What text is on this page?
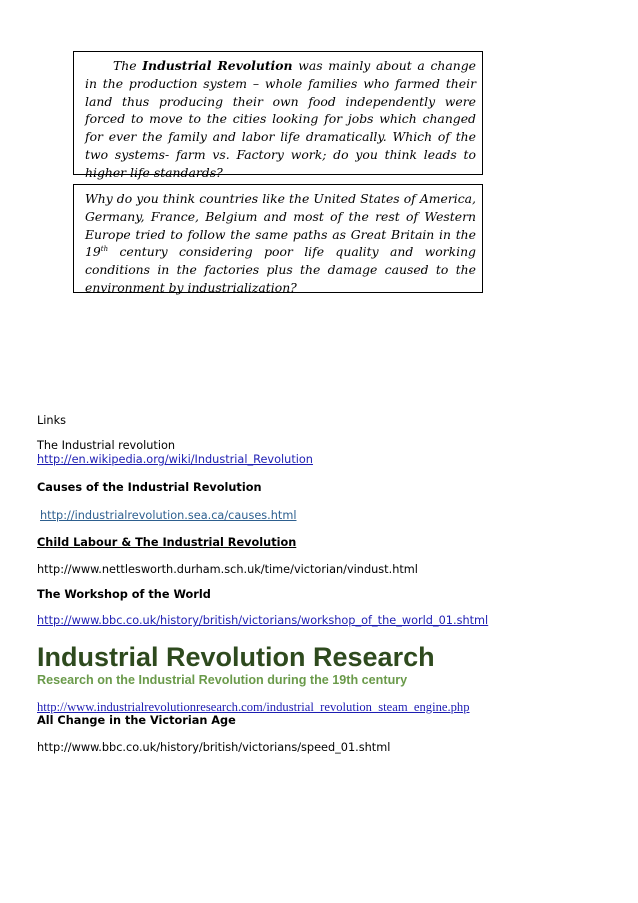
The Industrial Revolution was mainly about a change in the production system – whole families who farmed their land thus producing their own food independently were forced to move to the cities looking for jobs which changed for ever the family and labor life dramatically. Which of the two systems- farm vs. Factory work; do you think leads to higher life standards?
Why do you think countries like the United States of America, Germany, France, Belgium and most of the rest of Western Europe tried to follow the same paths as Great Britain in the 19th century considering poor life quality and working conditions in the factories plus the damage caused to the environment by industrialization?
Links
The Industrial revolution
http://en.wikipedia.org/wiki/Industrial_Revolution
Causes of the Industrial Revolution
http://industrialrevolution.sea.ca/causes.html
Child Labour & The Industrial Revolution
http://www.nettlesworth.durham.sch.uk/time/victorian/vindust.html
The Workshop of the World
http://www.bbc.co.uk/history/british/victorians/workshop_of_the_world_01.shtml
Industrial Revolution Research
Research on the Industrial Revolution during the 19th century
http://www.industrialrevolutionresearch.com/industrial_revolution_steam_engine.php
All Change in the Victorian Age
http://www.bbc.co.uk/history/british/victorians/speed_01.shtml
